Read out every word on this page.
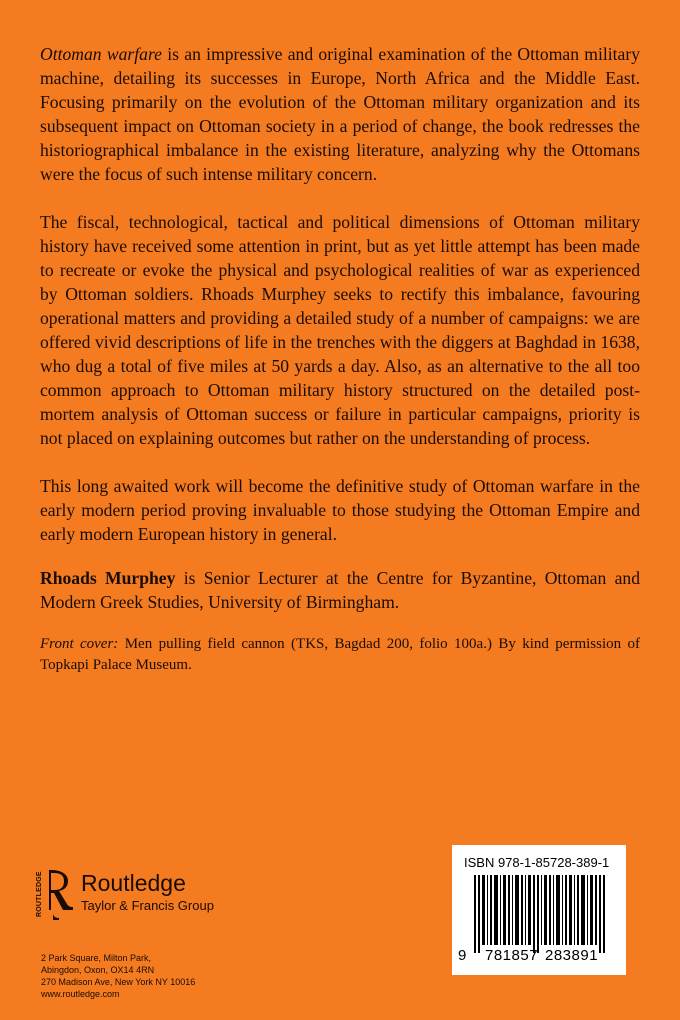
Ottoman warfare is an impressive and original examination of the Ottoman military machine, detailing its successes in Europe, North Africa and the Middle East. Focusing primarily on the evolution of the Ottoman military organization and its subsequent impact on Ottoman society in a period of change, the book redresses the historiographical imbalance in the existing literature, analyzing why the Ottomans were the focus of such intense military concern.

The fiscal, technological, tactical and political dimensions of Ottoman military history have received some attention in print, but as yet little attempt has been made to recreate or evoke the physical and psychological realities of war as experienced by Ottoman soldiers. Rhoads Murphey seeks to rectify this imbalance, favouring operational matters and providing a detailed study of a number of campaigns: we are offered vivid descriptions of life in the trenches with the diggers at Baghdad in 1638, who dug a total of five miles at 50 yards a day. Also, as an alternative to the all too common approach to Ottoman military history structured on the detailed post-mortem analysis of Ottoman success or failure in particular campaigns, priority is not placed on explaining outcomes but rather on the understanding of process.

This long awaited work will become the definitive study of Ottoman warfare in the early modern period proving invaluable to those studying the Ottoman Empire and early modern European history in general.

Rhoads Murphey is Senior Lecturer at the Centre for Byzantine, Ottoman and Modern Greek Studies, University of Birmingham.

Front cover: Men pulling field cannon (TKS, Bagdad 200, folio 100a.) By kind permission of Topkapi Palace Museum.

ROUTLEDGE Routledge
Taylor & Francis Group
2 Park Square, Milton Park,
Abingdon, Oxon, OX14 4RN
270 Madison Ave, New York NY 10016
www.routledge.com
ISBN 978-1-85728-389-1
9 781857 283891
